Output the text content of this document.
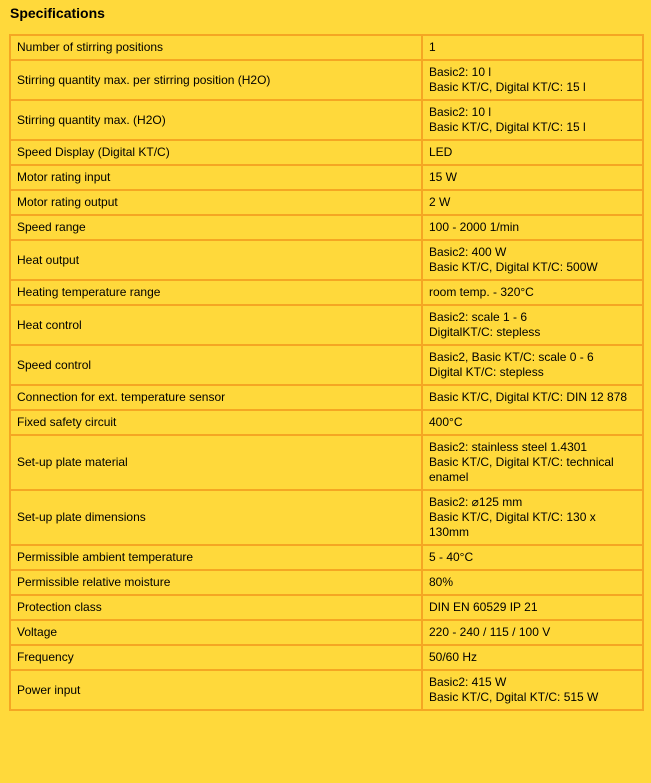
Specifications
Number of stirring positions	1

Stirring quantity max. per stirring position (H2O)	Basic2: 10 l
Basic KT/C, Digital KT/C: 15 l

Stirring quantity max. (H2O)	Basic2: 10 l
Basic KT/C, Digital KT/C: 15 l

Speed Display (Digital KT/C)	LED

Motor rating input	15 W

Motor rating output	2 W

Speed range	100 - 2000 1/min

Heat output	Basic2: 400 W
Basic KT/C, Digital KT/C: 500W

Heating temperature range	room temp. - 320°C

Heat control	Basic2: scale 1 - 6
DigitalKT/C: stepless

Speed control	Basic2, Basic KT/C: scale 0 - 6
Digital KT/C: stepless

Connection for ext. temperature sensor	Basic KT/C, Digital KT/C: DIN 12 878

Fixed safety circuit	400°C

Set-up plate material	Basic2: stainless steel 1.4301
Basic KT/C, Digital KT/C: technical enamel

Set-up plate dimensions	Basic2: ⌀125 mm
Basic KT/C, Digital KT/C: 130 x 130mm

Permissible ambient temperature	5 - 40°C

Permissible relative moisture	80%

Protection class	DIN EN 60529 IP 21

Voltage	220 - 240 / 115 / 100 V

Frequency	50/60 Hz

Power input	Basic2: 415 W
Basic KT/C, Dgital KT/C: 515 W
